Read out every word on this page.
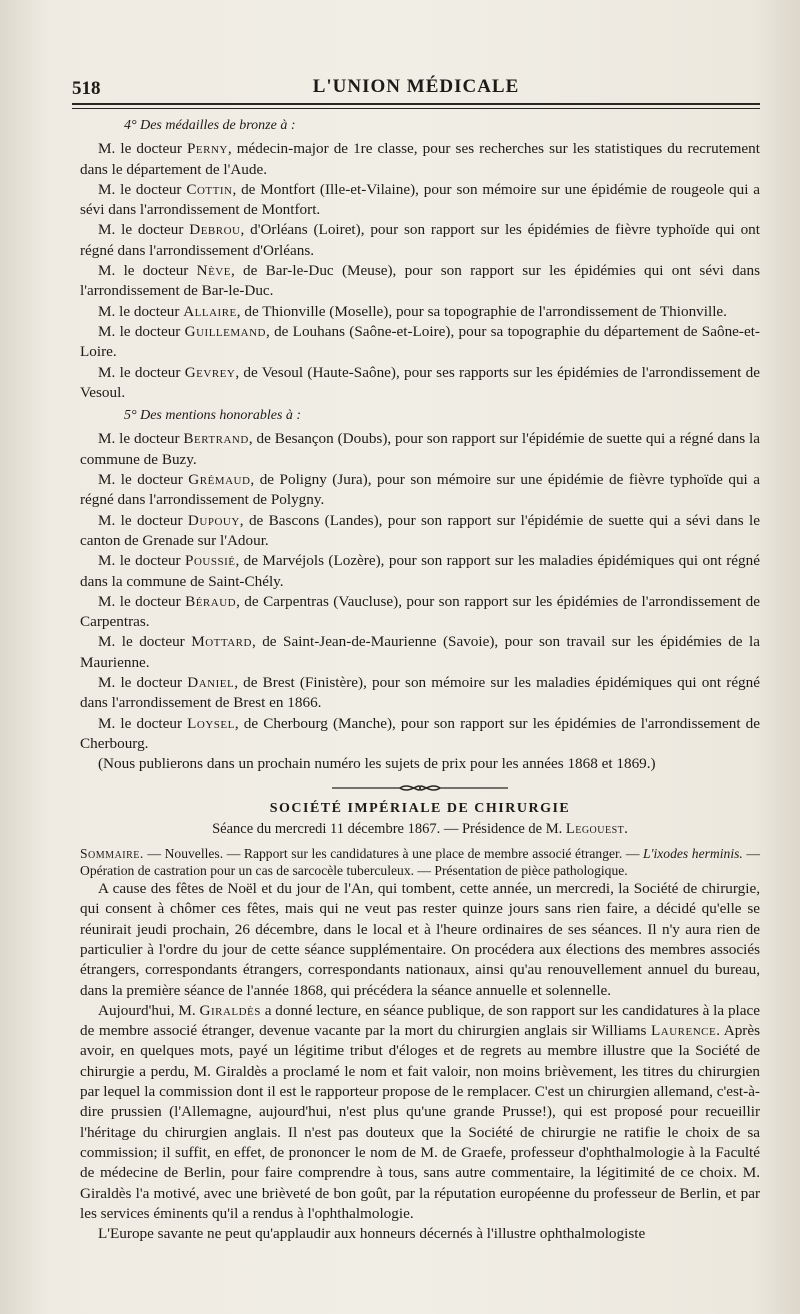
518	L'UNION MÉDICALE

4° Des médailles de bronze à :

M. le docteur Perny, médecin-major de 1re classe, pour ses recherches sur les statistiques du recrutement dans le département de l'Aude.

M. le docteur Cottin, de Montfort (Ille-et-Vilaine), pour son mémoire sur une épidémie de rougeole qui a sévi dans l'arrondissement de Montfort.

M. le docteur Debrou, d'Orléans (Loiret), pour son rapport sur les épidémies de fièvre typhoïde qui ont régné dans l'arrondissement d'Orléans.

M. le docteur Nève, de Bar-le-Duc (Meuse), pour son rapport sur les épidémies qui ont sévi dans l'arrondissement de Bar-le-Duc.

M. le docteur Allaire, de Thionville (Moselle), pour sa topographie de l'arrondissement de Thionville.

M. le docteur Guillemand, de Louhans (Saône-et-Loire), pour sa topographie du département de Saône-et-Loire.

M. le docteur Gevrey, de Vesoul (Haute-Saône), pour ses rapports sur les épidémies de l'arrondissement de Vesoul.

5° Des mentions honorables à :

M. le docteur Bertrand, de Besançon (Doubs), pour son rapport sur l'épidémie de suette qui a régné dans la commune de Buzy.

M. le docteur Grémaud, de Poligny (Jura), pour son mémoire sur une épidémie de fièvre typhoïde qui a régné dans l'arrondissement de Polygny.

M. le docteur Dupouy, de Bascons (Landes), pour son rapport sur l'épidémie de suette qui a sévi dans le canton de Grenade sur l'Adour.

M. le docteur Poussié, de Marvéjols (Lozère), pour son rapport sur les maladies épidémiques qui ont régné dans la commune de Saint-Chély.

M. le docteur Béraud, de Carpentras (Vaucluse), pour son rapport sur les épidémies de l'arrondissement de Carpentras.

M. le docteur Mottard, de Saint-Jean-de-Maurienne (Savoie), pour son travail sur les épidémies de la Maurienne.

M. le docteur Daniel, de Brest (Finistère), pour son mémoire sur les maladies épidémiques qui ont régné dans l'arrondissement de Brest en 1866.

M. le docteur Loysel, de Cherbourg (Manche), pour son rapport sur les épidémies de l'arrondissement de Cherbourg.

(Nous publierons dans un prochain numéro les sujets de prix pour les années 1868 et 1869.)

SOCIÉTÉ IMPÉRIALE DE CHIRURGIE
Séance du mercredi 11 décembre 1867. — Présidence de M. Legouest.

Sommaire. — Nouvelles. — Rapport sur les candidatures à une place de membre associé étranger. — L'ixodes herminis. — Opération de castration pour un cas de sarcocèle tuberculeux. — Présentation de pièce pathologique.

A cause des fêtes de Noël et du jour de l'An, qui tombent, cette année, un mercredi, la Société de chirurgie, qui consent à chômer ces fêtes, mais qui ne veut pas rester quinze jours sans rien faire, a décidé qu'elle se réunirait jeudi prochain, 26 décembre, dans le local et à l'heure ordinaires de ses séances. Il n'y aura rien de particulier à l'ordre du jour de cette séance supplémentaire. On procédera aux élections des membres associés étrangers, correspondants étrangers, correspondants nationaux, ainsi qu'au renouvellement annuel du bureau, dans la première séance de l'année 1868, qui précédera la séance annuelle et solennelle.

Aujourd'hui, M. Giraldès a donné lecture, en séance publique, de son rapport sur les candidatures à la place de membre associé étranger, devenue vacante par la mort du chirurgien anglais sir Williams Laurence. Après avoir, en quelques mots, payé un légitime tribut d'éloges et de regrets au membre illustre que la Société de chirurgie a perdu, M. Giraldès a proclamé le nom et fait valoir, non moins brièvement, les titres du chirurgien par lequel la commission dont il est le rapporteur propose de le remplacer. C'est un chirurgien allemand, c'est-à-dire prussien (l'Allemagne, aujourd'hui, n'est plus qu'une grande Prusse!), qui est proposé pour recueillir l'héritage du chirurgien anglais. Il n'est pas douteux que la Société de chirurgie ne ratifie le choix de sa commission; il suffit, en effet, de prononcer le nom de M. de Graefe, professeur d'ophthalmologie à la Faculté de médecine de Berlin, pour faire comprendre à tous, sans autre commentaire, la légitimité de ce choix. M. Giraldès l'a motivé, avec une brièveté de bon goût, par la réputation européenne du professeur de Berlin, et par les services éminents qu'il a rendus à l'ophthalmologie.

L'Europe savante ne peut qu'applaudir aux honneurs décernés à l'illustre ophthalmologiste
